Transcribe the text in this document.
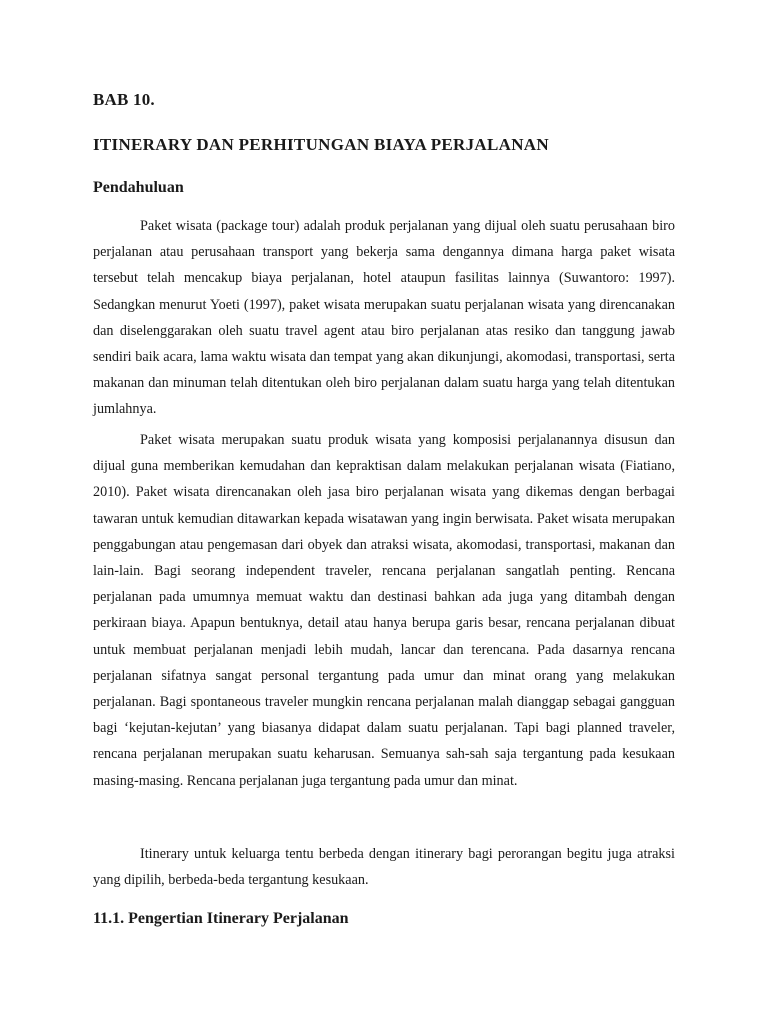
BAB 10.
ITINERARY DAN PERHITUNGAN BIAYA PERJALANAN
Pendahuluan

Paket wisata (package tour) adalah produk perjalanan yang dijual oleh suatu perusahaan biro perjalanan atau perusahaan transport yang bekerja sama dengannya dimana harga paket wisata tersebut telah mencakup biaya perjalanan, hotel ataupun fasilitas lainnya (Suwantoro: 1997). Sedangkan menurut Yoeti (1997), paket wisata merupakan suatu perjalanan wisata yang direncanakan dan diselenggarakan oleh suatu travel agent atau biro perjalanan atas resiko dan tanggung jawab sendiri baik acara, lama waktu wisata dan tempat yang akan dikunjungi, akomodasi, transportasi, serta makanan dan minuman telah ditentukan oleh biro perjalanan dalam suatu harga yang telah ditentukan jumlahnya.

Paket wisata merupakan suatu produk wisata yang komposisi perjalanannya disusun dan dijual guna memberikan kemudahan dan kepraktisan dalam melakukan perjalanan wisata (Fiatiano, 2010). Paket wisata direncanakan oleh jasa biro perjalanan wisata yang dikemas dengan berbagai tawaran untuk kemudian ditawarkan kepada wisatawan yang ingin berwisata. Paket wisata merupakan penggabungan atau pengemasan dari obyek dan atraksi wisata, akomodasi, transportasi, makanan dan lain-lain. Bagi seorang independent traveler, rencana perjalanan sangatlah penting. Rencana perjalanan pada umumnya memuat waktu dan destinasi bahkan ada juga yang ditambah dengan perkiraan biaya. Apapun bentuknya, detail atau hanya berupa garis besar, rencana perjalanan dibuat untuk membuat perjalanan menjadi lebih mudah, lancar dan terencana. Pada dasarnya rencana perjalanan sifatnya sangat personal tergantung pada umur dan minat orang yang melakukan perjalanan. Bagi spontaneous traveler mungkin rencana perjalanan malah dianggap sebagai gangguan bagi ‘kejutan-kejutan’ yang biasanya didapat dalam suatu perjalanan. Tapi bagi planned traveler, rencana perjalanan merupakan suatu keharusan. Semuanya sah-sah saja tergantung pada kesukaan masing-masing. Rencana perjalanan juga tergantung pada umur dan minat.

Itinerary untuk keluarga tentu berbeda dengan itinerary bagi perorangan begitu juga atraksi yang dipilih, berbeda-beda tergantung kesukaan.

11.1. Pengertian Itinerary Perjalanan
